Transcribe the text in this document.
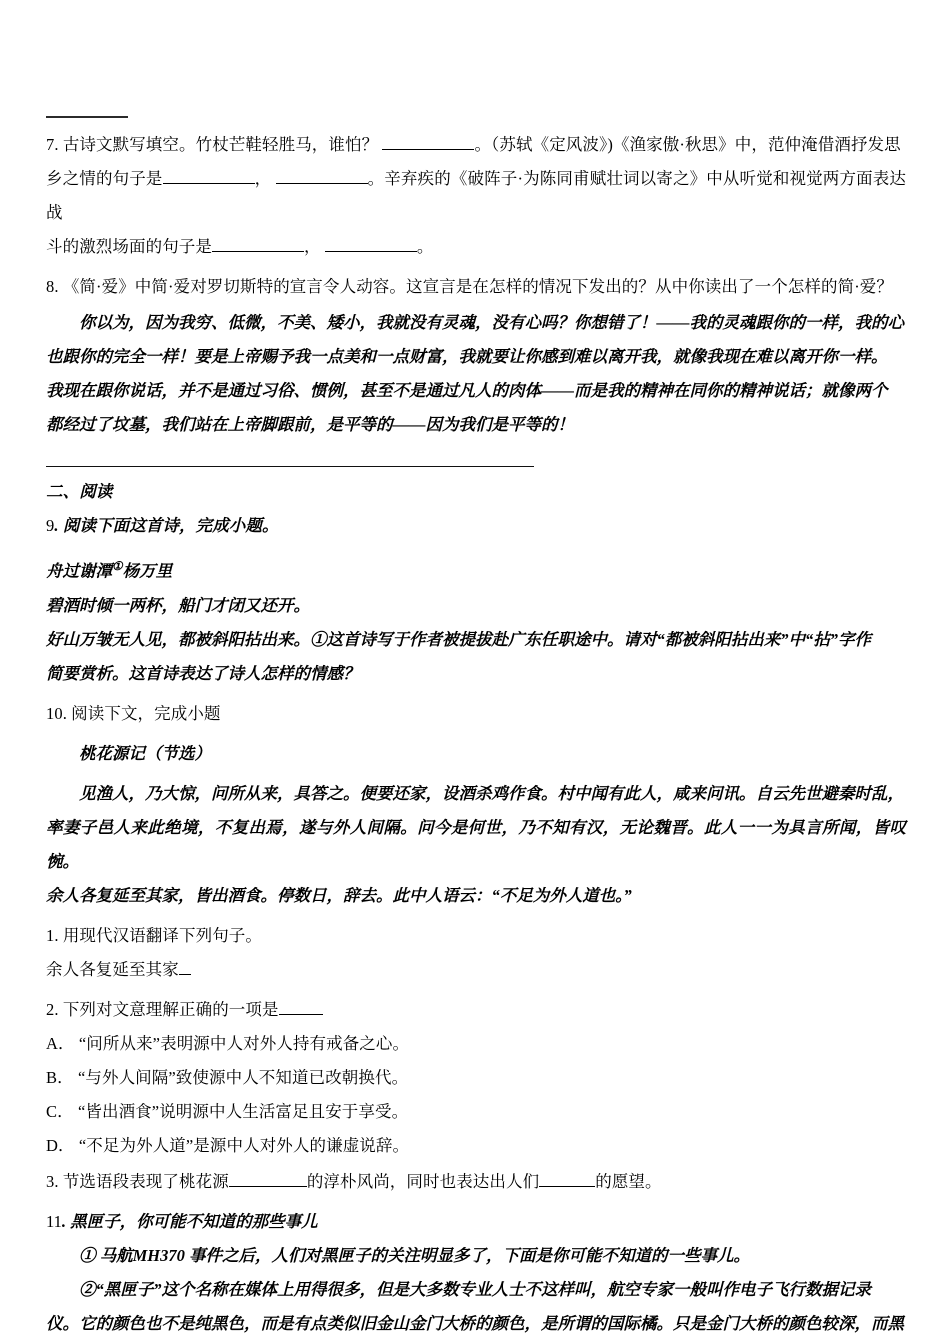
7. 古诗文默写填空。竹杖芒鞋轻胜马，谁怕？	。（苏轼《定风波》)《渔家傲·秋思》中，范仲淹借酒抒发思

乡之情的句子是	，	。辛弃疾的《破阵子·为陈同甫赋壮词以寄之》中从听觉和视觉两方面表达战

斗的激烈场面的句子是	，	。

8. 《简·爱》中简·爱对罗切斯特的宣言令人动容。这宣言是在怎样的情况下发出的？从中你读出了一个怎样的简·爱？

你以为，因为我穷、低微，不美、矮小，我就没有灵魂，没有心吗？你想错了！——我的灵魂跟你的一样，我的心

也跟你的完全一样！要是上帝赐予我一点美和一点财富，我就要让你感到难以离开我，就像我现在难以离开你一样。

我现在跟你说话，并不是通过习俗、惯例，甚至不是通过凡人的肉体——而是我的精神在同你的精神说话；就像两个

都经过了坟墓，我们站在上帝脚跟前，是平等的——因为我们是平等的！

二、阅读

9. 阅读下面这首诗，完成小题。

舟过谢潭①杨万里

碧酒时倾一两杯，船门才闭又还开。

好山万皱无人见，都被斜阳拈出来。①这首诗写于作者被提拔赴广东任职途中。请对“都被斜阳拈出来”中“拈”字作

简要赏析。这首诗表达了诗人怎样的情感？

10. 阅读下文，完成小题

桃花源记（节选）

见渔人，乃大惊，问所从来，具答之。便要还家，设酒杀鸡作食。村中闻有此人，咸来问讯。自云先世避秦时乱，

率妻子邑人来此绝境，不复出焉，遂与外人间隔。问今是何世，乃不知有汉，无论魏晋。此人一一为具言所闻，皆叹惋。

余人各复延至其家，皆出酒食。停数日，辞去。此中人语云：“不足为外人道也。”

1. 用现代汉语翻译下列句子。

余人各复延至其家

2. 下列对文意理解正确的一项是

A． “问所从来”表明源中人对外人持有戒备之心。

B． “与外人间隔”致使源中人不知道已改朝换代。

C． “皆出酒食”说明源中人生活富足且安于享受。

D． “不足为外人道”是源中人对外人的谦虚说辞。

3. 节选语段表现了桃花源	的淳朴风尚，同时也表达出人们	的愿望。

11. 黑匣子，你可能不知道的那些事儿

① 马航MH370 事件之后，人们对黑匣子的关注明显多了，下面是你可能不知道的一些事儿。

②“黑匣子”这个名称在媒体上用得很多，但是大多数专业人士不这样叫，航空专家一般叫作电子飞行数据记录

仪。它的颜色也不是纯黑色，而是有点类似旧金山金门大桥的颜色，是所谓的国际橘。只是金门大桥的颜色较深，而黑
